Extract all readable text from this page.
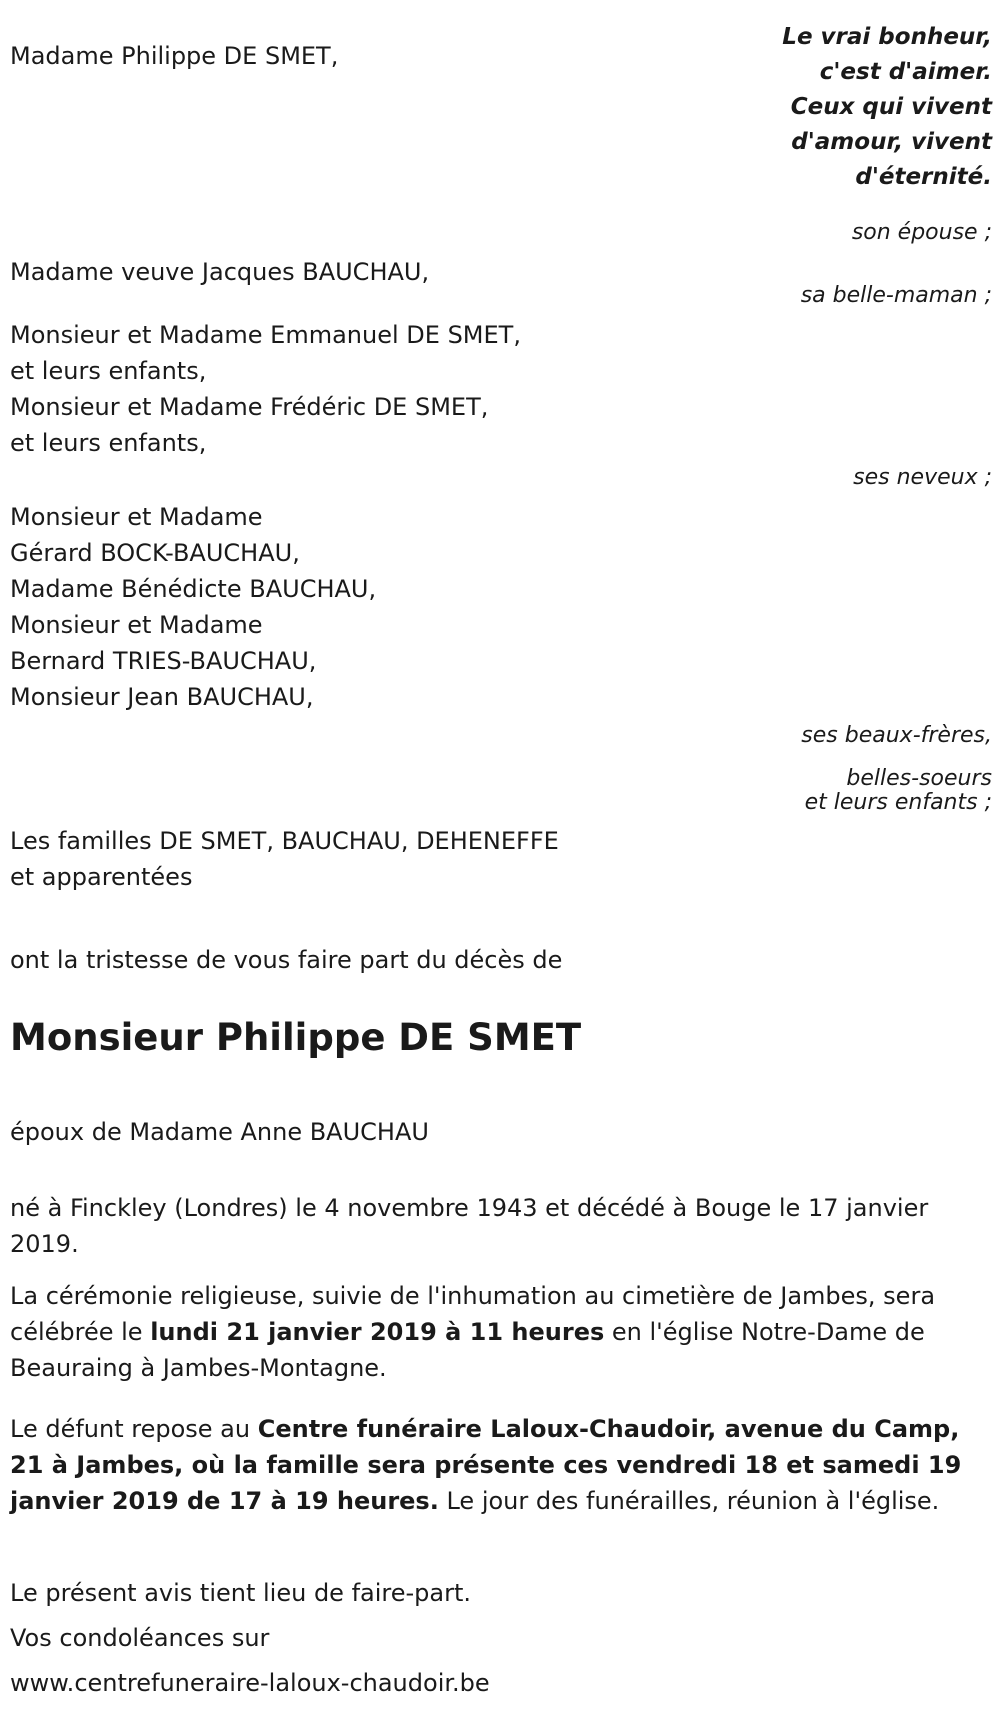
Le vrai bonheur,
c'est d'aimer.
Ceux qui vivent
d'amour, vivent
d'éternité.
Madame Philippe DE SMET,
son épouse ;
Madame veuve Jacques BAUCHAU,
sa belle-maman ;
Monsieur et Madame Emmanuel DE SMET,
et leurs enfants,
Monsieur et Madame Frédéric DE SMET,
et leurs enfants,
ses neveux ;
Monsieur et Madame
Gérard BOCK-BAUCHAU,
Madame Bénédicte BAUCHAU,
Monsieur et Madame
Bernard TRIES-BAUCHAU,
Monsieur Jean BAUCHAU,
ses beaux-frères,
belles-soeurs
et leurs enfants ;
Les familles DE SMET, BAUCHAU, DEHENEFFE
et apparentées
ont la tristesse de vous faire part du décès de
Monsieur Philippe DE SMET
époux de Madame Anne BAUCHAU
né à Finckley (Londres) le 4 novembre 1943 et décédé à Bouge le 17 janvier 2019.
La cérémonie religieuse, suivie de l'inhumation au cimetière de Jambes, sera célébrée le lundi 21 janvier 2019 à 11 heures en l'église Notre-Dame de Beauraing à Jambes-Montagne.
Le défunt repose au Centre funéraire Laloux-Chaudoir, avenue du Camp, 21 à Jambes, où la famille sera présente ces vendredi 18 et samedi 19 janvier 2019 de 17 à 19 heures. Le jour des funérailles, réunion à l'église.
Le présent avis tient lieu de faire-part.
Vos condoléances sur
www.centrefuneraire-laloux-chaudoir.be
